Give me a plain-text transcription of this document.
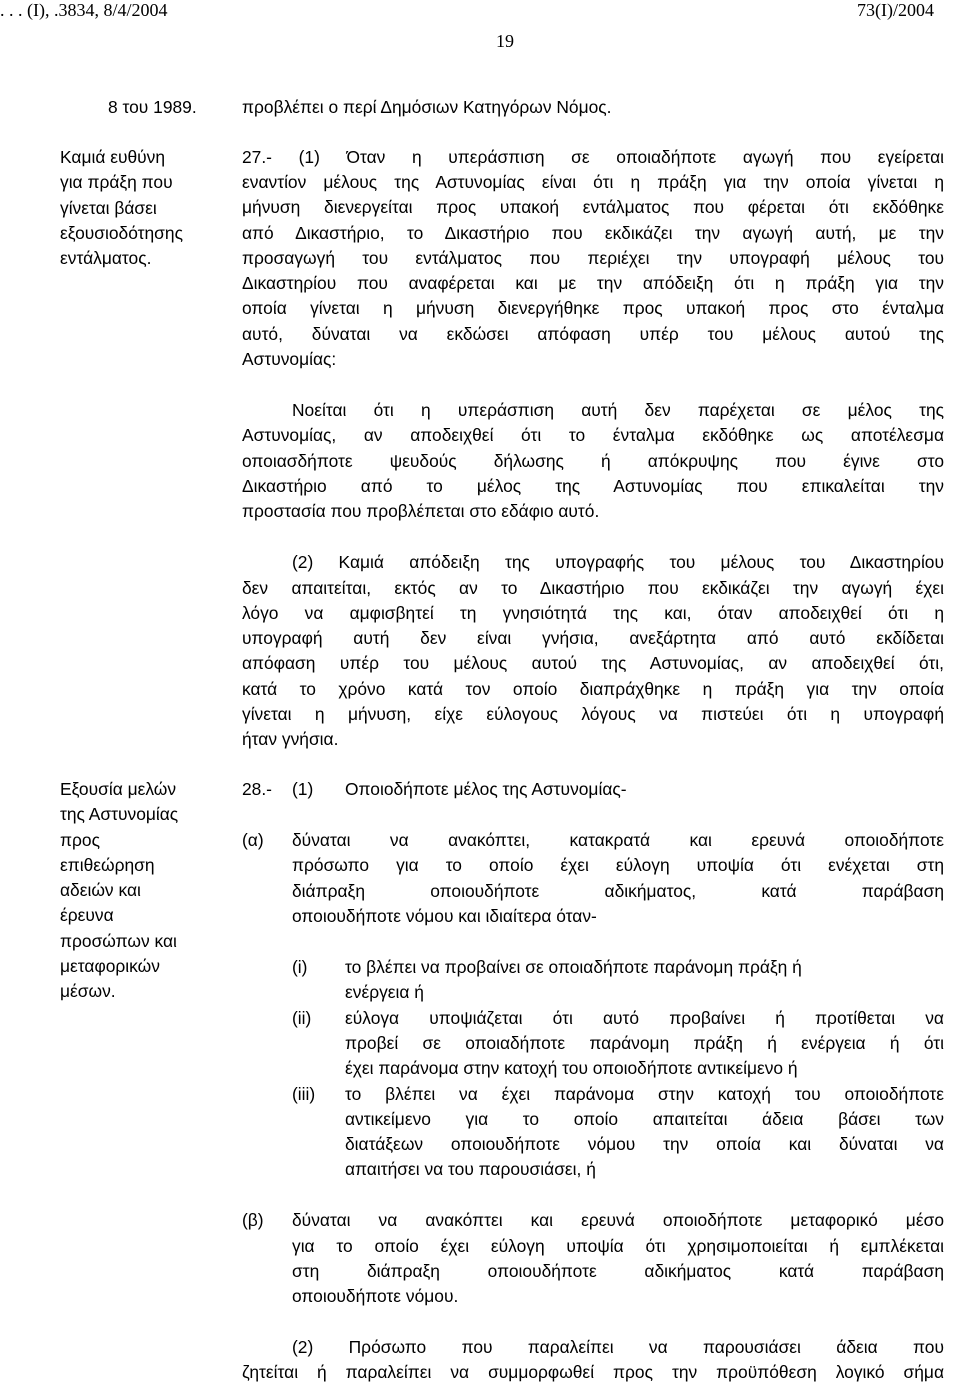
. . . (Ι), .3834, 8/4/2004	73(Ι)/2004
19
8 του 1989.	προβλέπει ο περί Δημόσιων Κατηγόρων Νόμος.
Καμιά ευθύνη
για πράξη που
γίνεται βάσει
εξουσιοδότησης
εντάλματος.
27.- (1) Όταν η υπεράσπιση σε οποιαδήποτε αγωγή που εγείρεται
εναντίον μέλους της Αστυνομίας είναι ότι η πράξη για την οποία γίνεται η
μήνυση διενεργείται προς υπακοή εντάλματος που φέρεται ότι εκδόθηκε
από Δικαστήριο, το Δικαστήριο που εκδικάζει την αγωγή αυτή, με την
προσαγωγή του εντάλματος που περιέχει την υπογραφή μέλους του
Δικαστηρίου που αναφέρεται και με την απόδειξη ότι η πράξη για την
οποία γίνεται η μήνυση διενεργήθηκε προς υπακοή προς στο ένταλμα
αυτό, δύναται να εκδώσει απόφαση υπέρ του μέλους αυτού της
Αστυνομίας:
Νοείται ότι η υπεράσπιση αυτή δεν παρέχεται σε μέλος της
Αστυνομίας, αν αποδειχθεί ότι το ένταλμα εκδόθηκε ως αποτέλεσμα
οποιασδήποτε ψευδούς δήλωσης ή απόκρυψης που έγινε στο
Δικαστήριο από το μέλος της Αστυνομίας που επικαλείται την
προστασία που προβλέπεται στο εδάφιο αυτό.
(2) Καμιά απόδειξη της υπογραφής του μέλους του Δικαστηρίου
δεν απαιτείται, εκτός αν το Δικαστήριο που εκδικάζει την αγωγή έχει
λόγο να αμφισβητεί τη γνησιότητά της και, όταν αποδειχθεί ότι η
υπογραφή αυτή δεν είναι γνήσια, ανεξάρτητα από αυτό εκδίδεται
απόφαση υπέρ του μέλους αυτού της Αστυνομίας, αν αποδειχθεί ότι,
κατά το χρόνο κατά τον οποίο διαπράχθηκε η πράξη για την οποία
γίνεται η μήνυση, είχε εύλογους λόγους να πιστεύει ότι η υπογραφή
ήταν γνήσια.
Εξουσία μελών
της Αστυνομίας
προς
επιθεώρηση
αδειών και
έρευνα
προσώπων και
μεταφορικών
μέσων.
28.- (1) Οποιοδήποτε μέλος της Αστυνομίας-
(α) δύναται να ανακόπτει, κατακρατά και ερευνά οποιοδήποτε
πρόσωπο για το οποίο έχει εύλογη υποψία ότι ενέχεται στη
διάπραξη οποιουδήποτε αδικήματος, κατά παράβαση
οποιουδήποτε νόμου και ιδιαίτερα όταν-
(i) το βλέπει να προβαίνει σε οποιαδήποτε παράνομη πράξη ή
ενέργεια ή
(ii) εύλογα υποψιάζεται ότι αυτό προβαίνει ή προτίθεται να
προβεί σε οποιαδήποτε παράνομη πράξη ή ενέργεια ή ότι
έχει παράνομα στην κατοχή του οποιοδήποτε αντικείμενο ή
(iii) το βλέπει να έχει παράνομα στην κατοχή του οποιοδήποτε
αντικείμενο για το οποίο απαιτείται άδεια βάσει των
διατάξεων οποιουδήποτε νόμου την οποία και δύναται να
απαιτήσει να του παρουσιάσει, ή
(β) δύναται να ανακόπτει και ερευνά οποιοδήποτε μεταφορικό μέσο
για το οποίο έχει εύλογη υποψία ότι χρησιμοποιείται ή εμπλέκεται
στη διάπραξη οποιουδήποτε αδικήματος κατά παράβαση
οποιουδήποτε νόμου.
(2) Πρόσωπο που παραλείπει να παρουσιάσει άδεια που
ζητείται ή παραλείπει να συμμορφωθεί προς την προϋπόθεση λογικό σήμα
